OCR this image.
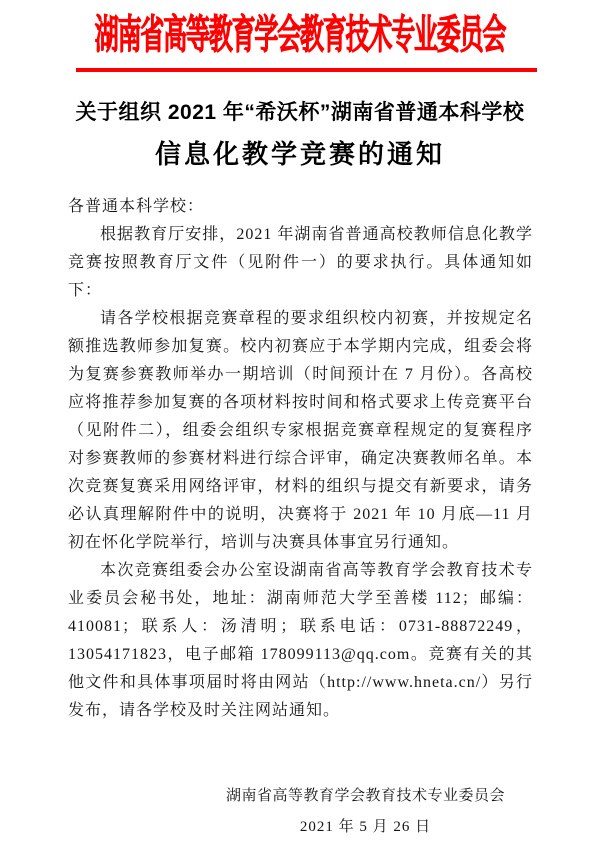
湖南省高等教育学会教育技术专业委员会
关于组织 2021 年“希沃杯”湖南省普通本科学校
信息化教学竞赛的通知

各普通本科学校：

根据教育厅安排，2021 年湖南省普通高校教师信息化教学竞赛按照教育厅文件（见附件一）的要求执行。具体通知如下：

请各学校根据竞赛章程的要求组织校内初赛，并按规定名额推选教师参加复赛。校内初赛应于本学期内完成，组委会将为复赛参赛教师举办一期培训（时间预计在 7 月份）。各高校应将推荐参加复赛的各项材料按时间和格式要求上传竞赛平台（见附件二），组委会组织专家根据竞赛章程规定的复赛程序对参赛教师的参赛材料进行综合评审，确定决赛教师名单。本次竞赛复赛采用网络评审，材料的组织与提交有新要求，请务必认真理解附件中的说明，决赛将于 2021 年 10 月底—11 月初在怀化学院举行，培训与决赛具体事宜另行通知。

本次竞赛组委会办公室设湖南省高等教育学会教育技术专业委员会秘书处，地址：湖南师范大学至善楼 112；邮编：410081；联系人：汤清明；联系电话：0731-88872249，13054171823，电子邮箱 178099113@qq.com。竞赛有关的其他文件和具体事项届时将由网站（http://www.hneta.cn/）另行发布，请各学校及时关注网站通知。

湖南省高等教育学会教育技术专业委员会
2021 年 5 月 26 日
